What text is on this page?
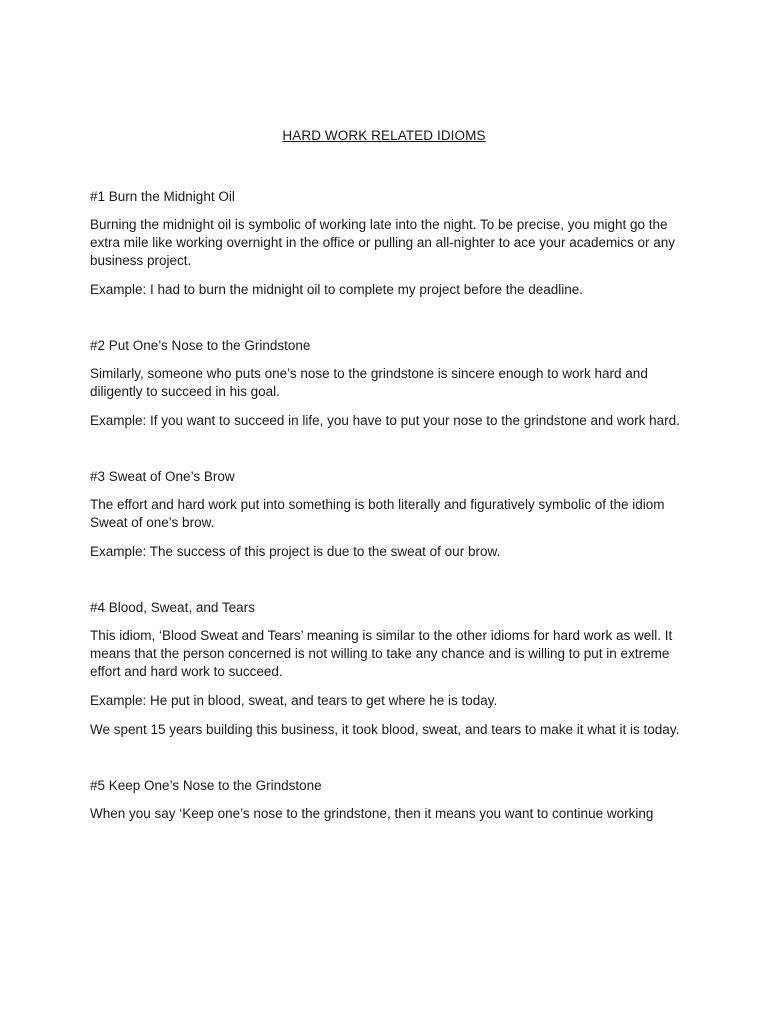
HARD WORK RELATED IDIOMS
#1 Burn the Midnight Oil

Burning the midnight oil is symbolic of working late into the night. To be precise, you might go the extra mile like working overnight in the office or pulling an all-nighter to ace your academics or any business project.

Example: I had to burn the midnight oil to complete my project before the deadline.

#2 Put One’s Nose to the Grindstone

Similarly, someone who puts one’s nose to the grindstone is sincere enough to work hard and diligently to succeed in his goal.

Example: If you want to succeed in life, you have to put your nose to the grindstone and work hard.

#3 Sweat of One’s Brow

The effort and hard work put into something is both literally and figuratively symbolic of the idiom Sweat of one’s brow.

Example: The success of this project is due to the sweat of our brow.

#4 Blood, Sweat, and Tears

This idiom, ‘Blood Sweat and Tears’ meaning is similar to the other idioms for hard work as well. It means that the person concerned is not willing to take any chance and is willing to put in extreme effort and hard work to succeed.

Example: He put in blood, sweat, and tears to get where he is today.

We spent 15 years building this business, it took blood, sweat, and tears to make it what it is today.

#5 Keep One’s Nose to the Grindstone

When you say ‘Keep one’s nose to the grindstone, then it means you want to continue working
